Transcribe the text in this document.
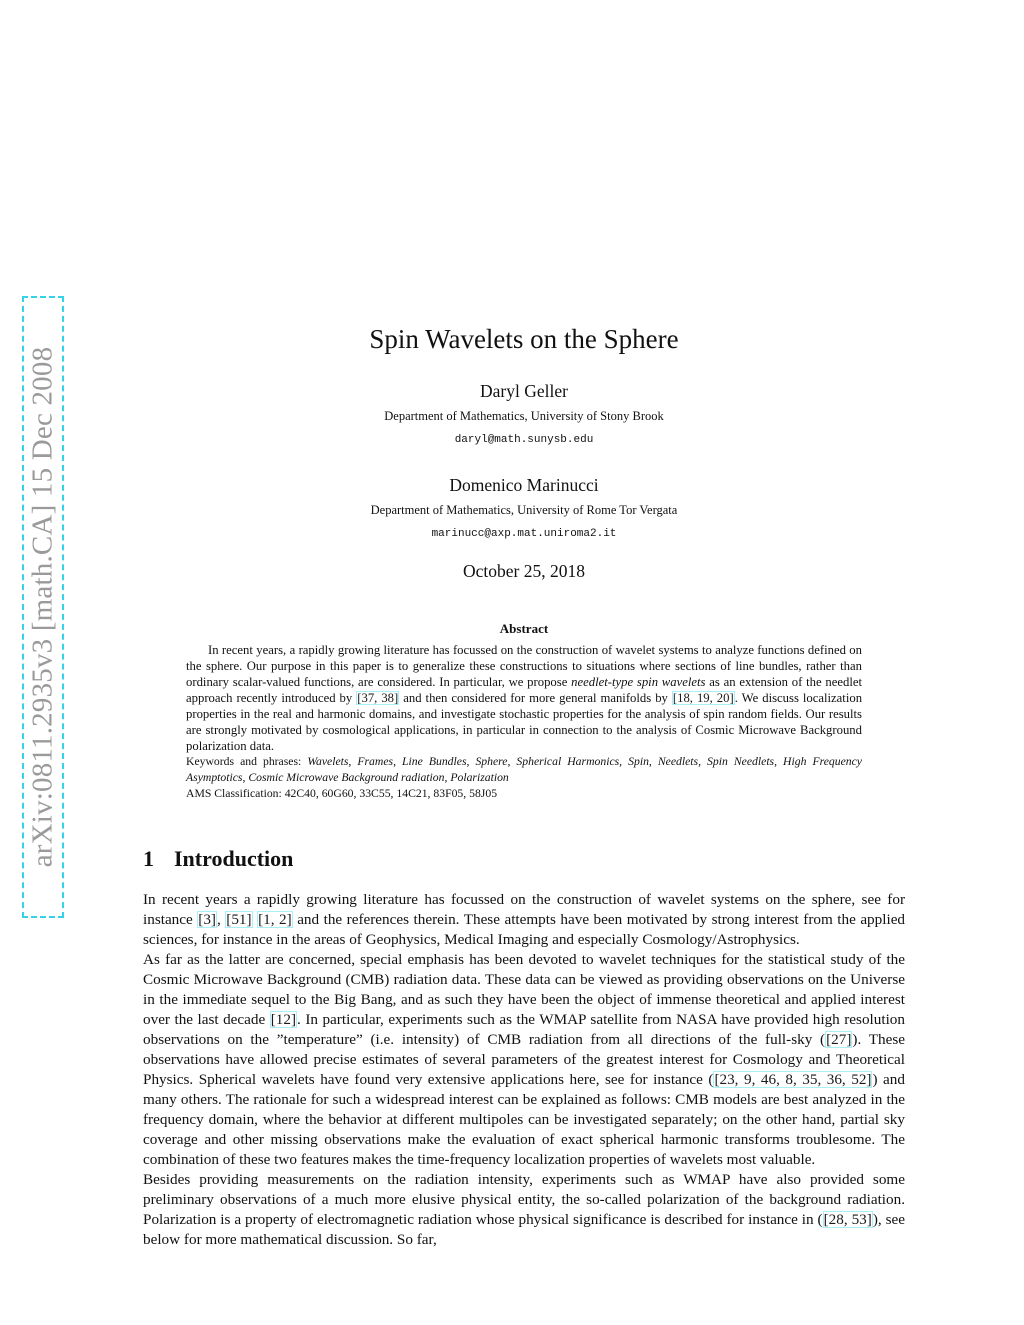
arXiv:0811.2935v3 [math.CA] 15 Dec 2008
Spin Wavelets on the Sphere
Daryl Geller
Department of Mathematics, University of Stony Brook
daryl@math.sunysb.edu
Domenico Marinucci
Department of Mathematics, University of Rome Tor Vergata
marinucc@axp.mat.uniroma2.it
October 25, 2018
Abstract

In recent years, a rapidly growing literature has focussed on the construction of wavelet systems to analyze functions defined on the sphere. Our purpose in this paper is to generalize these constructions to situations where sections of line bundles, rather than ordinary scalar-valued functions, are considered. In particular, we propose needlet-type spin wavelets as an extension of the needlet approach recently introduced by [37, 38] and then considered for more general manifolds by [18, 19, 20]. We discuss localization properties in the real and harmonic domains, and investigate stochastic properties for the analysis of spin random fields. Our results are strongly motivated by cosmological applications, in particular in connection to the analysis of Cosmic Microwave Background polarization data.

Keywords and phrases: Wavelets, Frames, Line Bundles, Sphere, Spherical Harmonics, Spin, Needlets, Spin Needlets, High Frequency Asymptotics, Cosmic Microwave Background radiation, Polarization
AMS Classification: 42C40, 60G60, 33C55, 14C21, 83F05, 58J05
1 Introduction

In recent years a rapidly growing literature has focussed on the construction of wavelet systems on the sphere, see for instance [3], [51] [1, 2] and the references therein. These attempts have been motivated by strong interest from the applied sciences, for instance in the areas of Geophysics, Medical Imaging and especially Cosmology/Astrophysics.

As far as the latter are concerned, special emphasis has been devoted to wavelet techniques for the statistical study of the Cosmic Microwave Background (CMB) radiation data. These data can be viewed as providing observations on the Universe in the immediate sequel to the Big Bang, and as such they have been the object of immense theoretical and applied interest over the last decade [12]. In particular, experiments such as the WMAP satellite from NASA have provided high resolution observations on the ”temperature” (i.e. intensity) of CMB radiation from all directions of the full-sky ([27]). These observations have allowed precise estimates of several parameters of the greatest interest for Cosmology and Theoretical Physics. Spherical wavelets have found very extensive applications here, see for instance ([23, 9, 46, 8, 35, 36, 52]) and many others. The rationale for such a widespread interest can be explained as follows: CMB models are best analyzed in the frequency domain, where the behavior at different multipoles can be investigated separately; on the other hand, partial sky coverage and other missing observations make the evaluation of exact spherical harmonic transforms troublesome. The combination of these two features makes the time-frequency localization properties of wavelets most valuable.

Besides providing measurements on the radiation intensity, experiments such as WMAP have also provided some preliminary observations of a much more elusive physical entity, the so-called polarization of the background radiation. Polarization is a property of electromagnetic radiation whose physical significance is described for instance in ([28, 53]), see below for more mathematical discussion. So far,
